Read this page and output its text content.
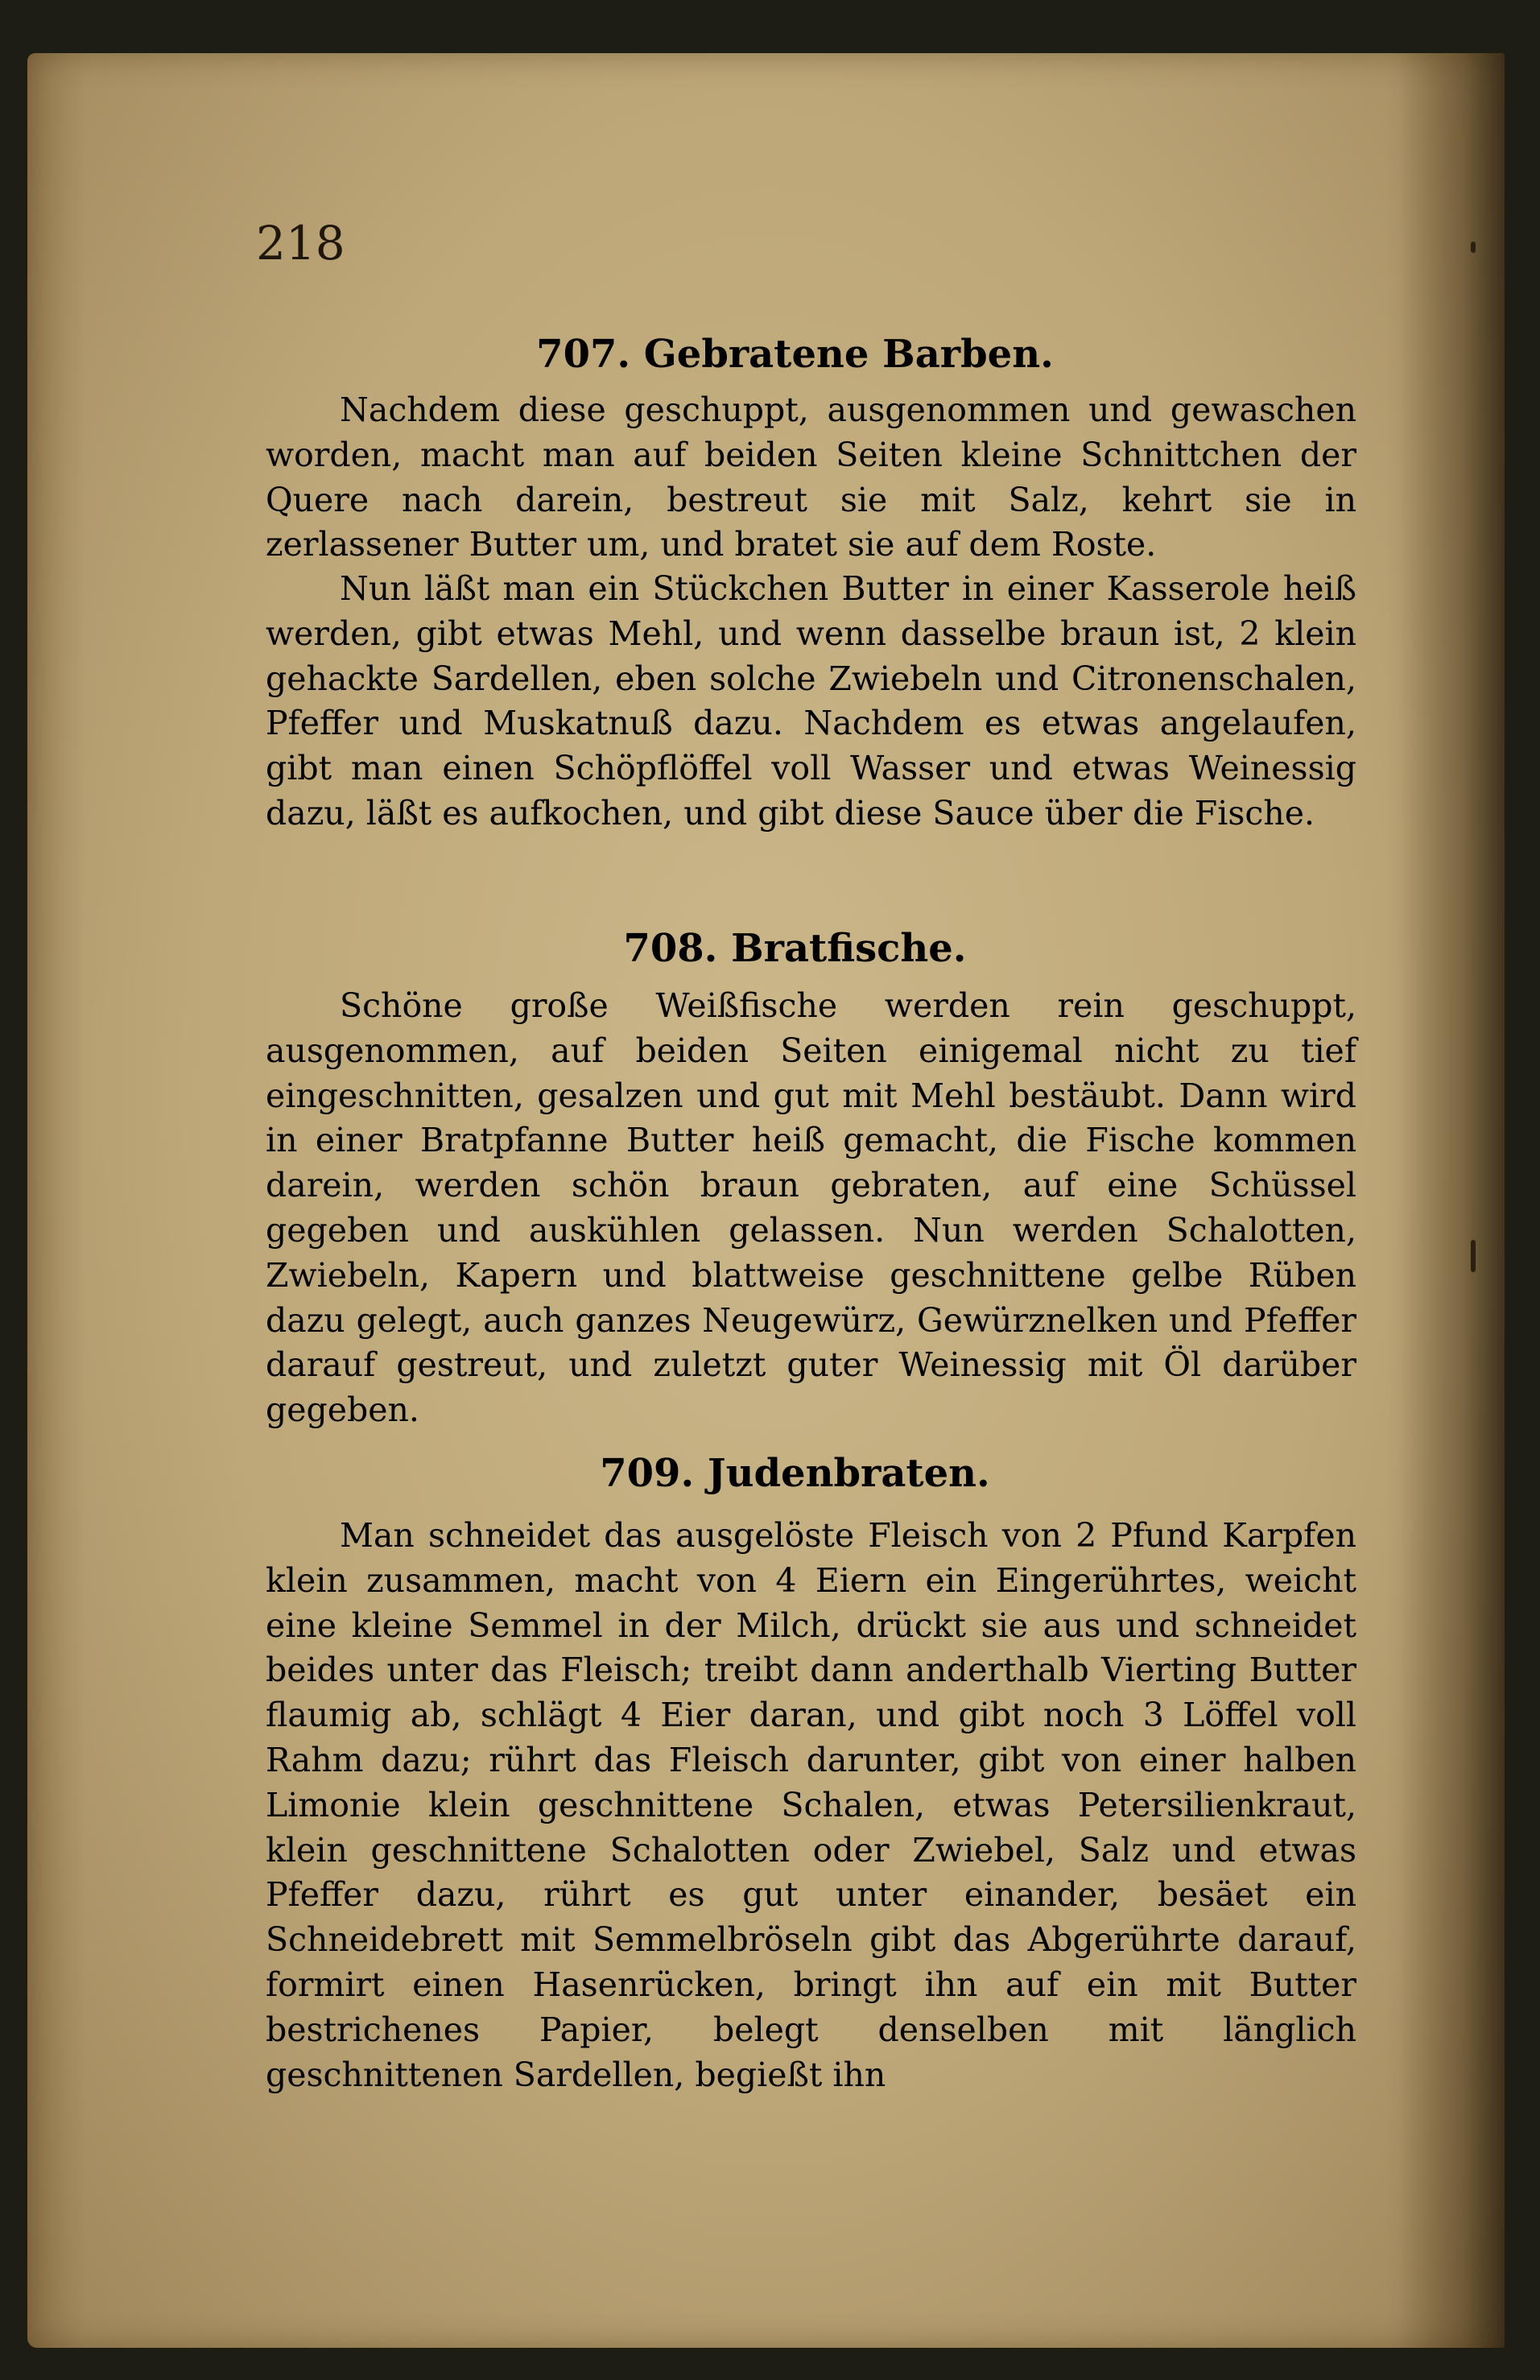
218
707. Gebratene Barben.

Nachdem diese geschuppt, ausgenommen und gewaschen worden, macht man auf beiden Seiten kleine Schnittchen der Quere nach darein, bestreut sie mit Salz, kehrt sie in zerlassener Butter um, und bratet sie auf dem Roste.

Nun läßt man ein Stückchen Butter in einer Kasserole heiß werden, gibt etwas Mehl, und wenn dasselbe braun ist, 2 klein gehackte Sardellen, eben solche Zwiebeln und Citronenschalen, Pfeffer und Muskatnuß dazu. Nachdem es etwas angelaufen, gibt man einen Schöpflöffel voll Wasser und etwas Weinessig dazu, läßt es aufkochen, und gibt diese Sauce über die Fische.

708. Bratfische.

Schöne große Weißfische werden rein geschuppt, ausgenommen, auf beiden Seiten einigemal nicht zu tief eingeschnitten, gesalzen und gut mit Mehl bestäubt. Dann wird in einer Bratpfanne Butter heiß gemacht, die Fische kommen darein, werden schön braun gebraten, auf eine Schüssel gegeben und auskühlen gelassen. Nun werden Schalotten, Zwiebeln, Kapern und blattweise geschnittene gelbe Rüben dazu gelegt, auch ganzes Neugewürz, Gewürznelken und Pfeffer darauf gestreut, und zuletzt guter Weinessig mit Öl darüber gegeben.

709. Judenbraten.

Man schneidet das ausgelöste Fleisch von 2 Pfund Karpfen klein zusammen, macht von 4 Eiern ein Eingerührtes, weicht eine kleine Semmel in der Milch, drückt sie aus und schneidet beides unter das Fleisch; treibt dann anderthalb Vierting Butter flaumig ab, schlägt 4 Eier daran, und gibt noch 3 Löffel voll Rahm dazu; rührt das Fleisch darunter, gibt von einer halben Limonie klein geschnittene Schalen, etwas Petersilienkraut, klein geschnittene Schalotten oder Zwiebel, Salz und etwas Pfeffer dazu, rührt es gut unter einander, besäet ein Schneidebrett mit Semmelbröseln gibt das Abgerührte darauf, formirt einen Hasenrücken, bringt ihn auf ein mit Butter bestrichenes Papier, belegt denselben mit länglich geschnittenen Sardellen, begießt ihn
